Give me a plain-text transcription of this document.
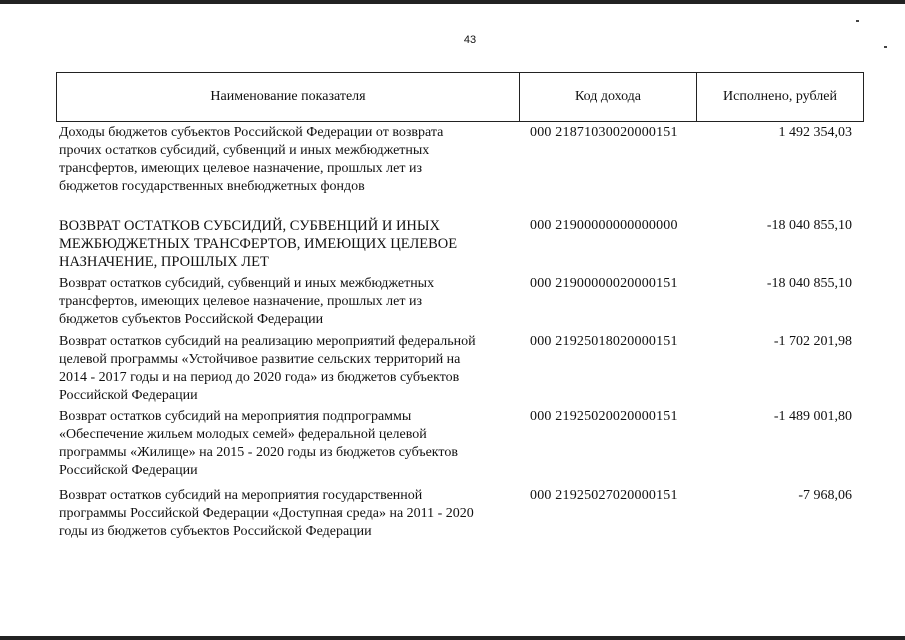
43
Наименование показателя	Код дохода	Исполнено, рублей
Доходы бюджетов субъектов Российской Федерации от возврата
прочих остатков субсидий, субвенций и иных межбюджетных
трансфертов, имеющих целевое назначение, прошлых лет из
бюджетов государственных внебюджетных фондов
000 21871030020000151	1 492 354,03
ВОЗВРАТ ОСТАТКОВ СУБСИДИЙ, СУБВЕНЦИЙ И ИНЫХ
МЕЖБЮДЖЕТНЫХ ТРАНСФЕРТОВ, ИМЕЮЩИХ ЦЕЛЕВОЕ
НАЗНАЧЕНИЕ, ПРОШЛЫХ ЛЕТ
000 21900000000000000	-18 040 855,10
Возврат остатков субсидий, субвенций и иных межбюджетных
трансфертов, имеющих целевое назначение, прошлых лет из
бюджетов субъектов Российской Федерации
000 21900000020000151	-18 040 855,10
Возврат остатков субсидий на реализацию мероприятий федеральной
целевой программы «Устойчивое развитие сельских территорий на
2014 - 2017 годы и на период до 2020 года» из бюджетов субъектов
Российской Федерации
000 21925018020000151	-1 702 201,98
Возврат остатков субсидий на мероприятия подпрограммы
«Обеспечение жильем молодых семей» федеральной целевой
программы «Жилище» на 2015 - 2020 годы из бюджетов субъектов
Российской Федерации
000 21925020020000151	-1 489 001,80
Возврат остатков субсидий на мероприятия государственной
программы Российской Федерации «Доступная среда» на 2011 - 2020
годы из бюджетов субъектов Российской Федерации
000 21925027020000151	-7 968,06
